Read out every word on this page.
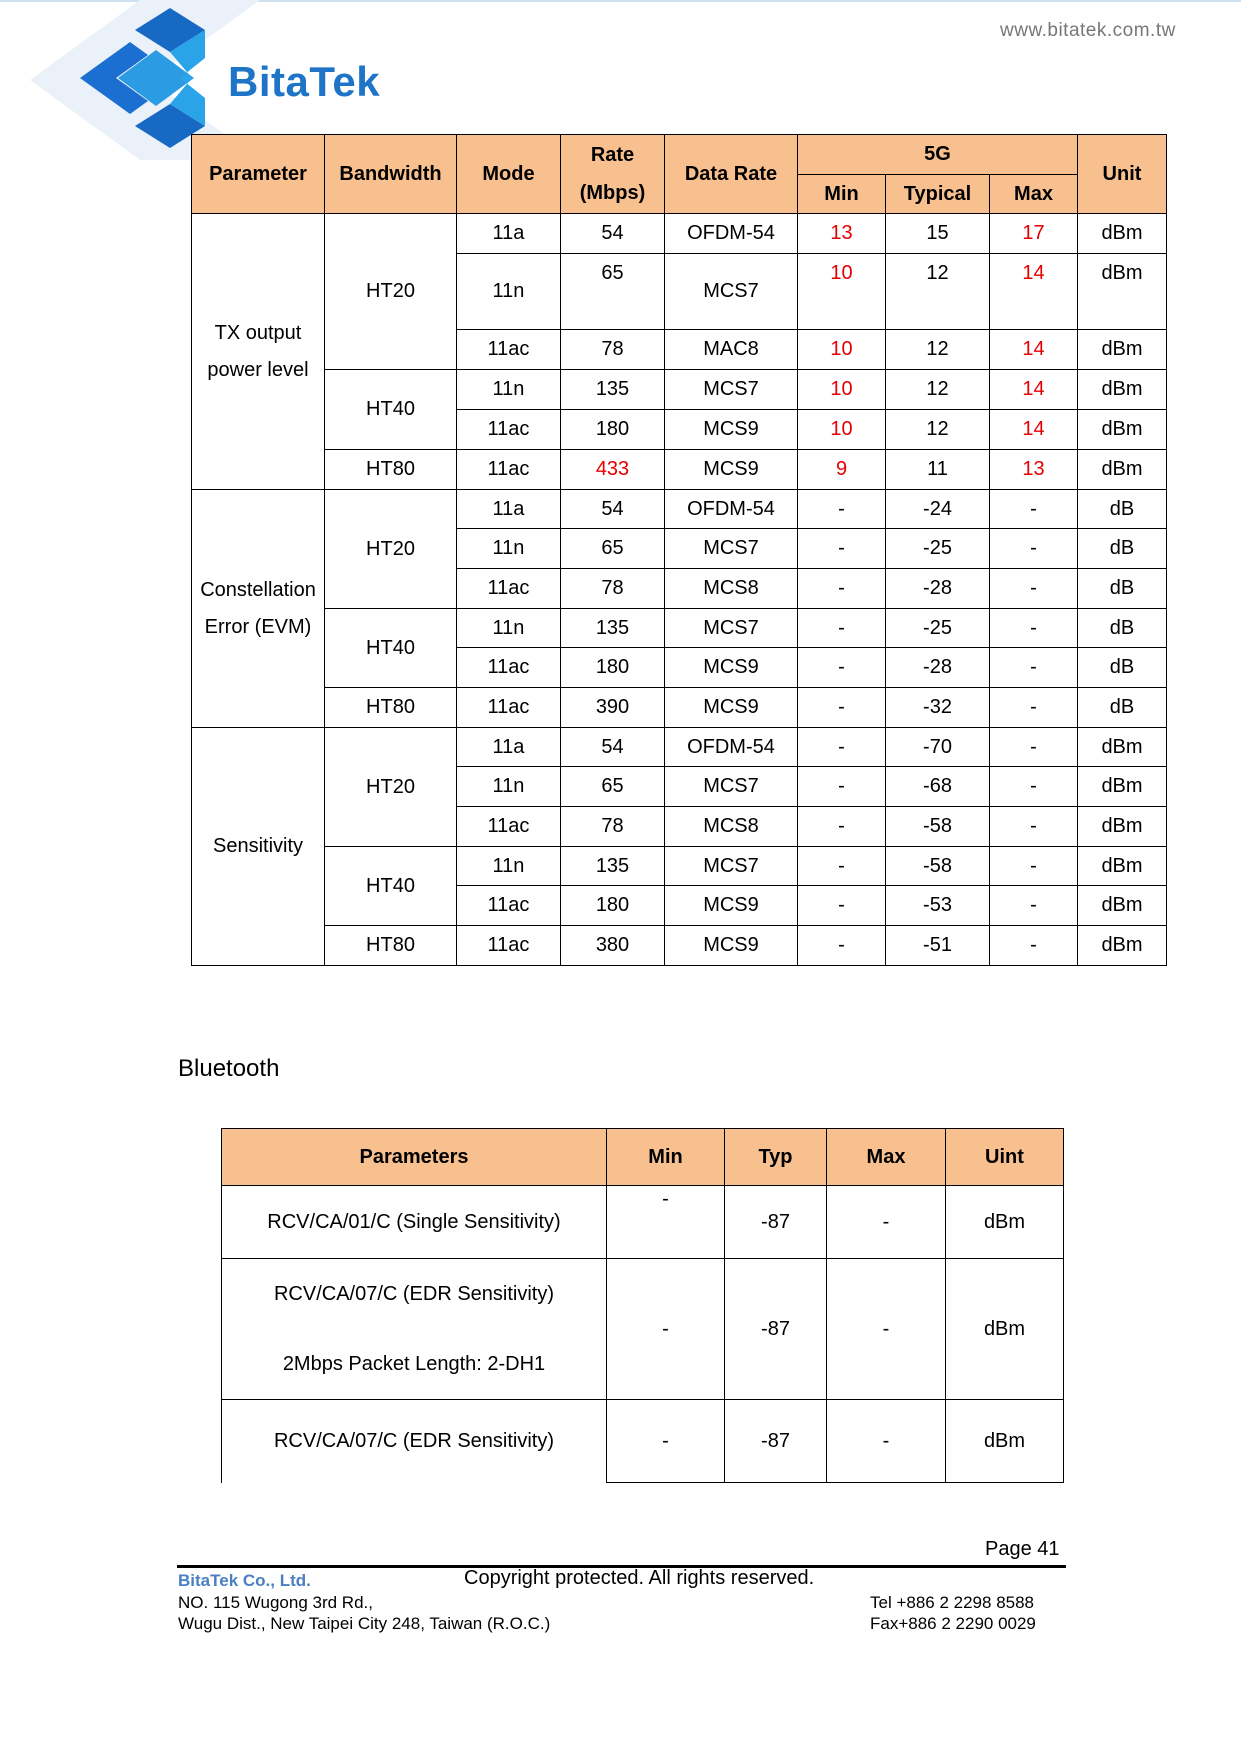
BitaTek
www.bitatek.com.tw
Parameter	Bandwidth	Mode	Rate
(Mbps)	Data Rate	5G			Unit
					Min	Typical	Max	
TX output
power level	HT20	11a	54	OFDM-54	13	15	17	dBm
		11n	65	MCS7	10	12	14	dBm
		11ac	78	MAC8	10	12	14	dBm
	HT40	11n	135	MCS7	10	12	14	dBm
		11ac	180	MCS9	10	12	14	dBm
	HT80	11ac	433	MCS9	9	11	13	dBm
Constellation
Error (EVM)	HT20	11a	54	OFDM-54	-	-24	-	dB
		11n	65	MCS7	-	-25	-	dB
		11ac	78	MCS8	-	-28	-	dB
	HT40	11n	135	MCS7	-	-25	-	dB
		11ac	180	MCS9	-	-28	-	dB
	HT80	11ac	390	MCS9	-	-32	-	dB
Sensitivity	HT20	11a	54	OFDM-54	-	-70	-	dBm
		11n	65	MCS7	-	-68	-	dBm
		11ac	78	MCS8	-	-58	-	dBm
	HT40	11n	135	MCS7	-	-58	-	dBm
		11ac	180	MCS9	-	-53	-	dBm
	HT80	11ac	380	MCS9	-	-51	-	dBm
Bluetooth
Parameters	Min	Typ	Max	Uint
RCV/CA/01/C (Single Sensitivity)	-	-87	-	dBm
RCV/CA/07/C (EDR Sensitivity)
2Mbps Packet Length: 2-DH1	-	-87	-	dBm
RCV/CA/07/C (EDR Sensitivity)	-	-87	-	dBm
Page 41
BitaTek Co., Ltd.	Copyright protected. All rights reserved.
NO. 115 Wugong 3rd Rd.,
Wugu Dist., New Taipei City 248, Taiwan (R.O.C.)
Tel +886 2 2298 8588
Fax+886 2 2290 0029
